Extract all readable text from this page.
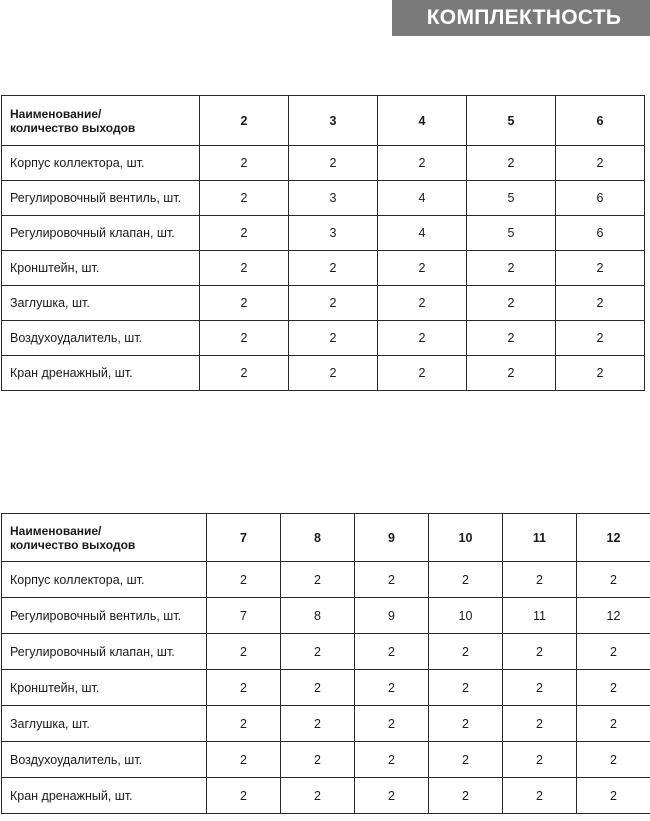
КОМПЛЕКТНОСТЬ
Наименование/
количество выходов	2	3	4	5	6
Корпус коллектора, шт.	2	2	2	2	2
Регулировочный вентиль, шт.	2	3	4	5	6
Регулировочный клапан, шт.	2	3	4	5	6
Кронштейн, шт.	2	2	2	2	2
Заглушка, шт.	2	2	2	2	2
Воздухоудалитель, шт.	2	2	2	2	2
Кран дренажный, шт.	2	2	2	2	2
Наименование/
количество выходов	7	8	9	10	11	12
Корпус коллектора, шт.	2	2	2	2	2	2
Регулировочный вентиль, шт.	7	8	9	10	11	12
Регулировочный клапан, шт.	2	2	2	2	2	2
Кронштейн, шт.	2	2	2	2	2	2
Заглушка, шт.	2	2	2	2	2	2
Воздухоудалитель, шт.	2	2	2	2	2	2
Кран дренажный, шт.	2	2	2	2	2	2
